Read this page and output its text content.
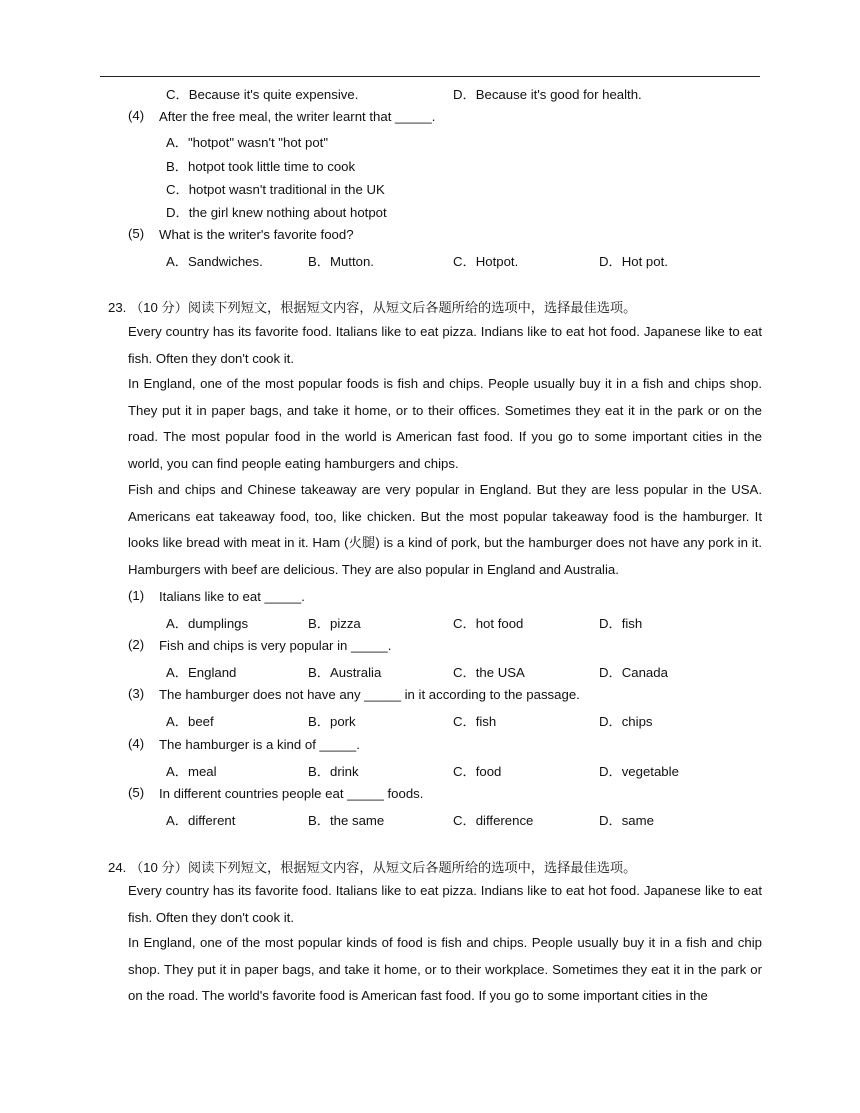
C．Because it's quite expensive.	D．Because it's good for health.
(4) After the free meal, the writer learnt that _____.
A．"hotpot" wasn't "hot pot"
B．hotpot took little time to cook
C．hotpot wasn't traditional in the UK
D．the girl knew nothing about hotpot
(5) What is the writer's favorite food?
A．Sandwiches.	B．Mutton.	C．Hotpot.	D．Hot pot.
23. （10 分）阅读下列短文，根据短文内容，从短文后各题所给的选项中，选择最佳选项。
Every country has its favorite food. Italians like to eat pizza. Indians like to eat hot food. Japanese like to eat fish. Often they don't cook it.
In England, one of the most popular foods is fish and chips. People usually buy it in a fish and chips shop. They put it in paper bags, and take it home, or to their offices. Sometimes they eat it in the park or on the road. The most popular food in the world is American fast food. If you go to some important cities in the world, you can find people eating hamburgers and chips.
Fish and chips and Chinese takeaway are very popular in England. But they are less popular in the USA. Americans eat takeaway food, too, like chicken. But the most popular takeaway food is the hamburger. It looks like bread with meat in it. Ham (火腿) is a kind of pork, but the hamburger does not have any pork in it. Hamburgers with beef are delicious. They are also popular in England and Australia.
(1) Italians like to eat _____.
A．dumplings	B．pizza	C．hot food	D．fish
(2) Fish and chips is very popular in _____.
A．England	B．Australia	C．the USA	D．Canada
(3) The hamburger does not have any _____ in it according to the passage.
A．beef	B．pork	C．fish	D．chips
(4) The hamburger is a kind of _____.
A．meal	B．drink	C．food	D．vegetable
(5) In different countries people eat _____ foods.
A．different	B．the same	C．difference	D．same
24. （10 分）阅读下列短文，根据短文内容，从短文后各题所给的选项中，选择最佳选项。
Every country has its favorite food. Italians like to eat pizza. Indians like to eat hot food. Japanese like to eat fish. Often they don't cook it.
In England, one of the most popular kinds of food is fish and chips. People usually buy it in a fish and chip shop. They put it in paper bags, and take it home, or to their workplace. Sometimes they eat it in the park or on the road. The world's favorite food is American fast food. If you go to some important cities in the
